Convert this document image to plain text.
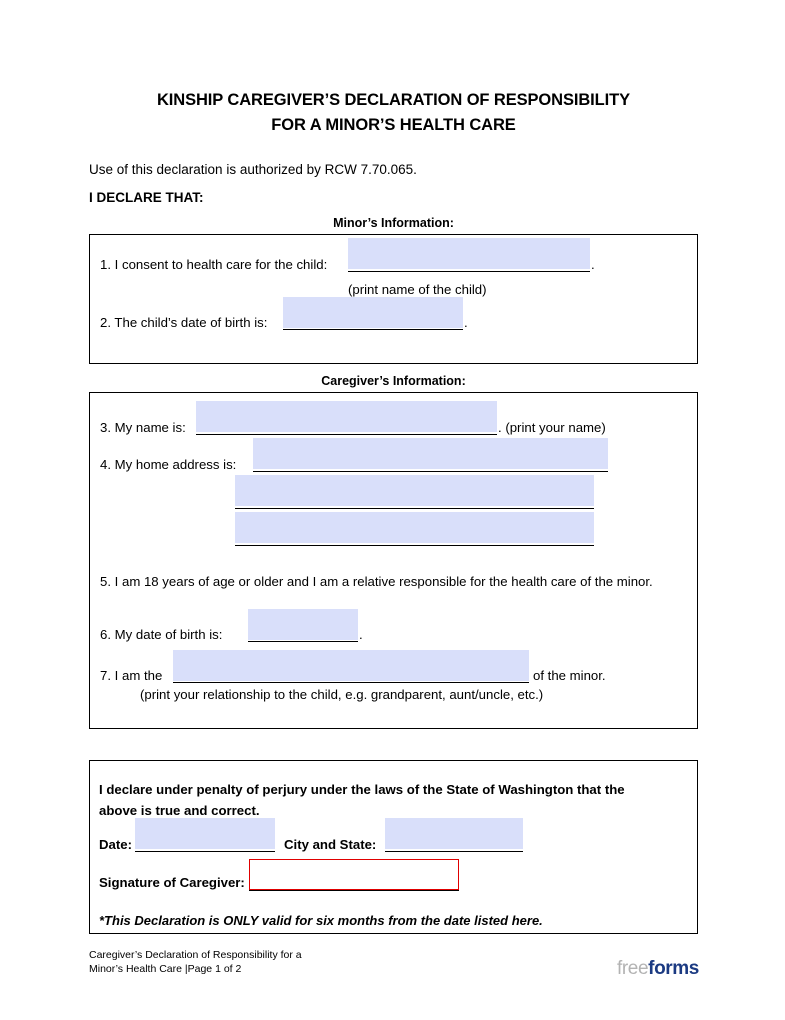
KINSHIP CAREGIVER’S DECLARATION OF RESPONSIBILITY
FOR A MINOR’S HEALTH CARE
Use of this declaration is authorized by RCW 7.70.065.
I DECLARE THAT:
Minor’s Information:
1. I consent to health care for the child:	.
(print name of the child)
2. The child’s date of birth is:	.
Caregiver’s Information:
3. My name is:	. (print your name)
4. My home address is:
5. I am 18 years of age or older and I am a relative responsible for the health care of the minor.
6. My date of birth is:	.
7. I am the	of the minor.
(print your relationship to the child, e.g. grandparent, aunt/uncle, etc.)
I declare under penalty of perjury under the laws of the State of Washington that the above is true and correct.
Date:	City and State:
Signature of Caregiver:
*This Declaration is ONLY valid for six months from the date listed here.
Caregiver’s Declaration of Responsibility for a
Minor’s Health Care |Page 1 of 2	freeforms
